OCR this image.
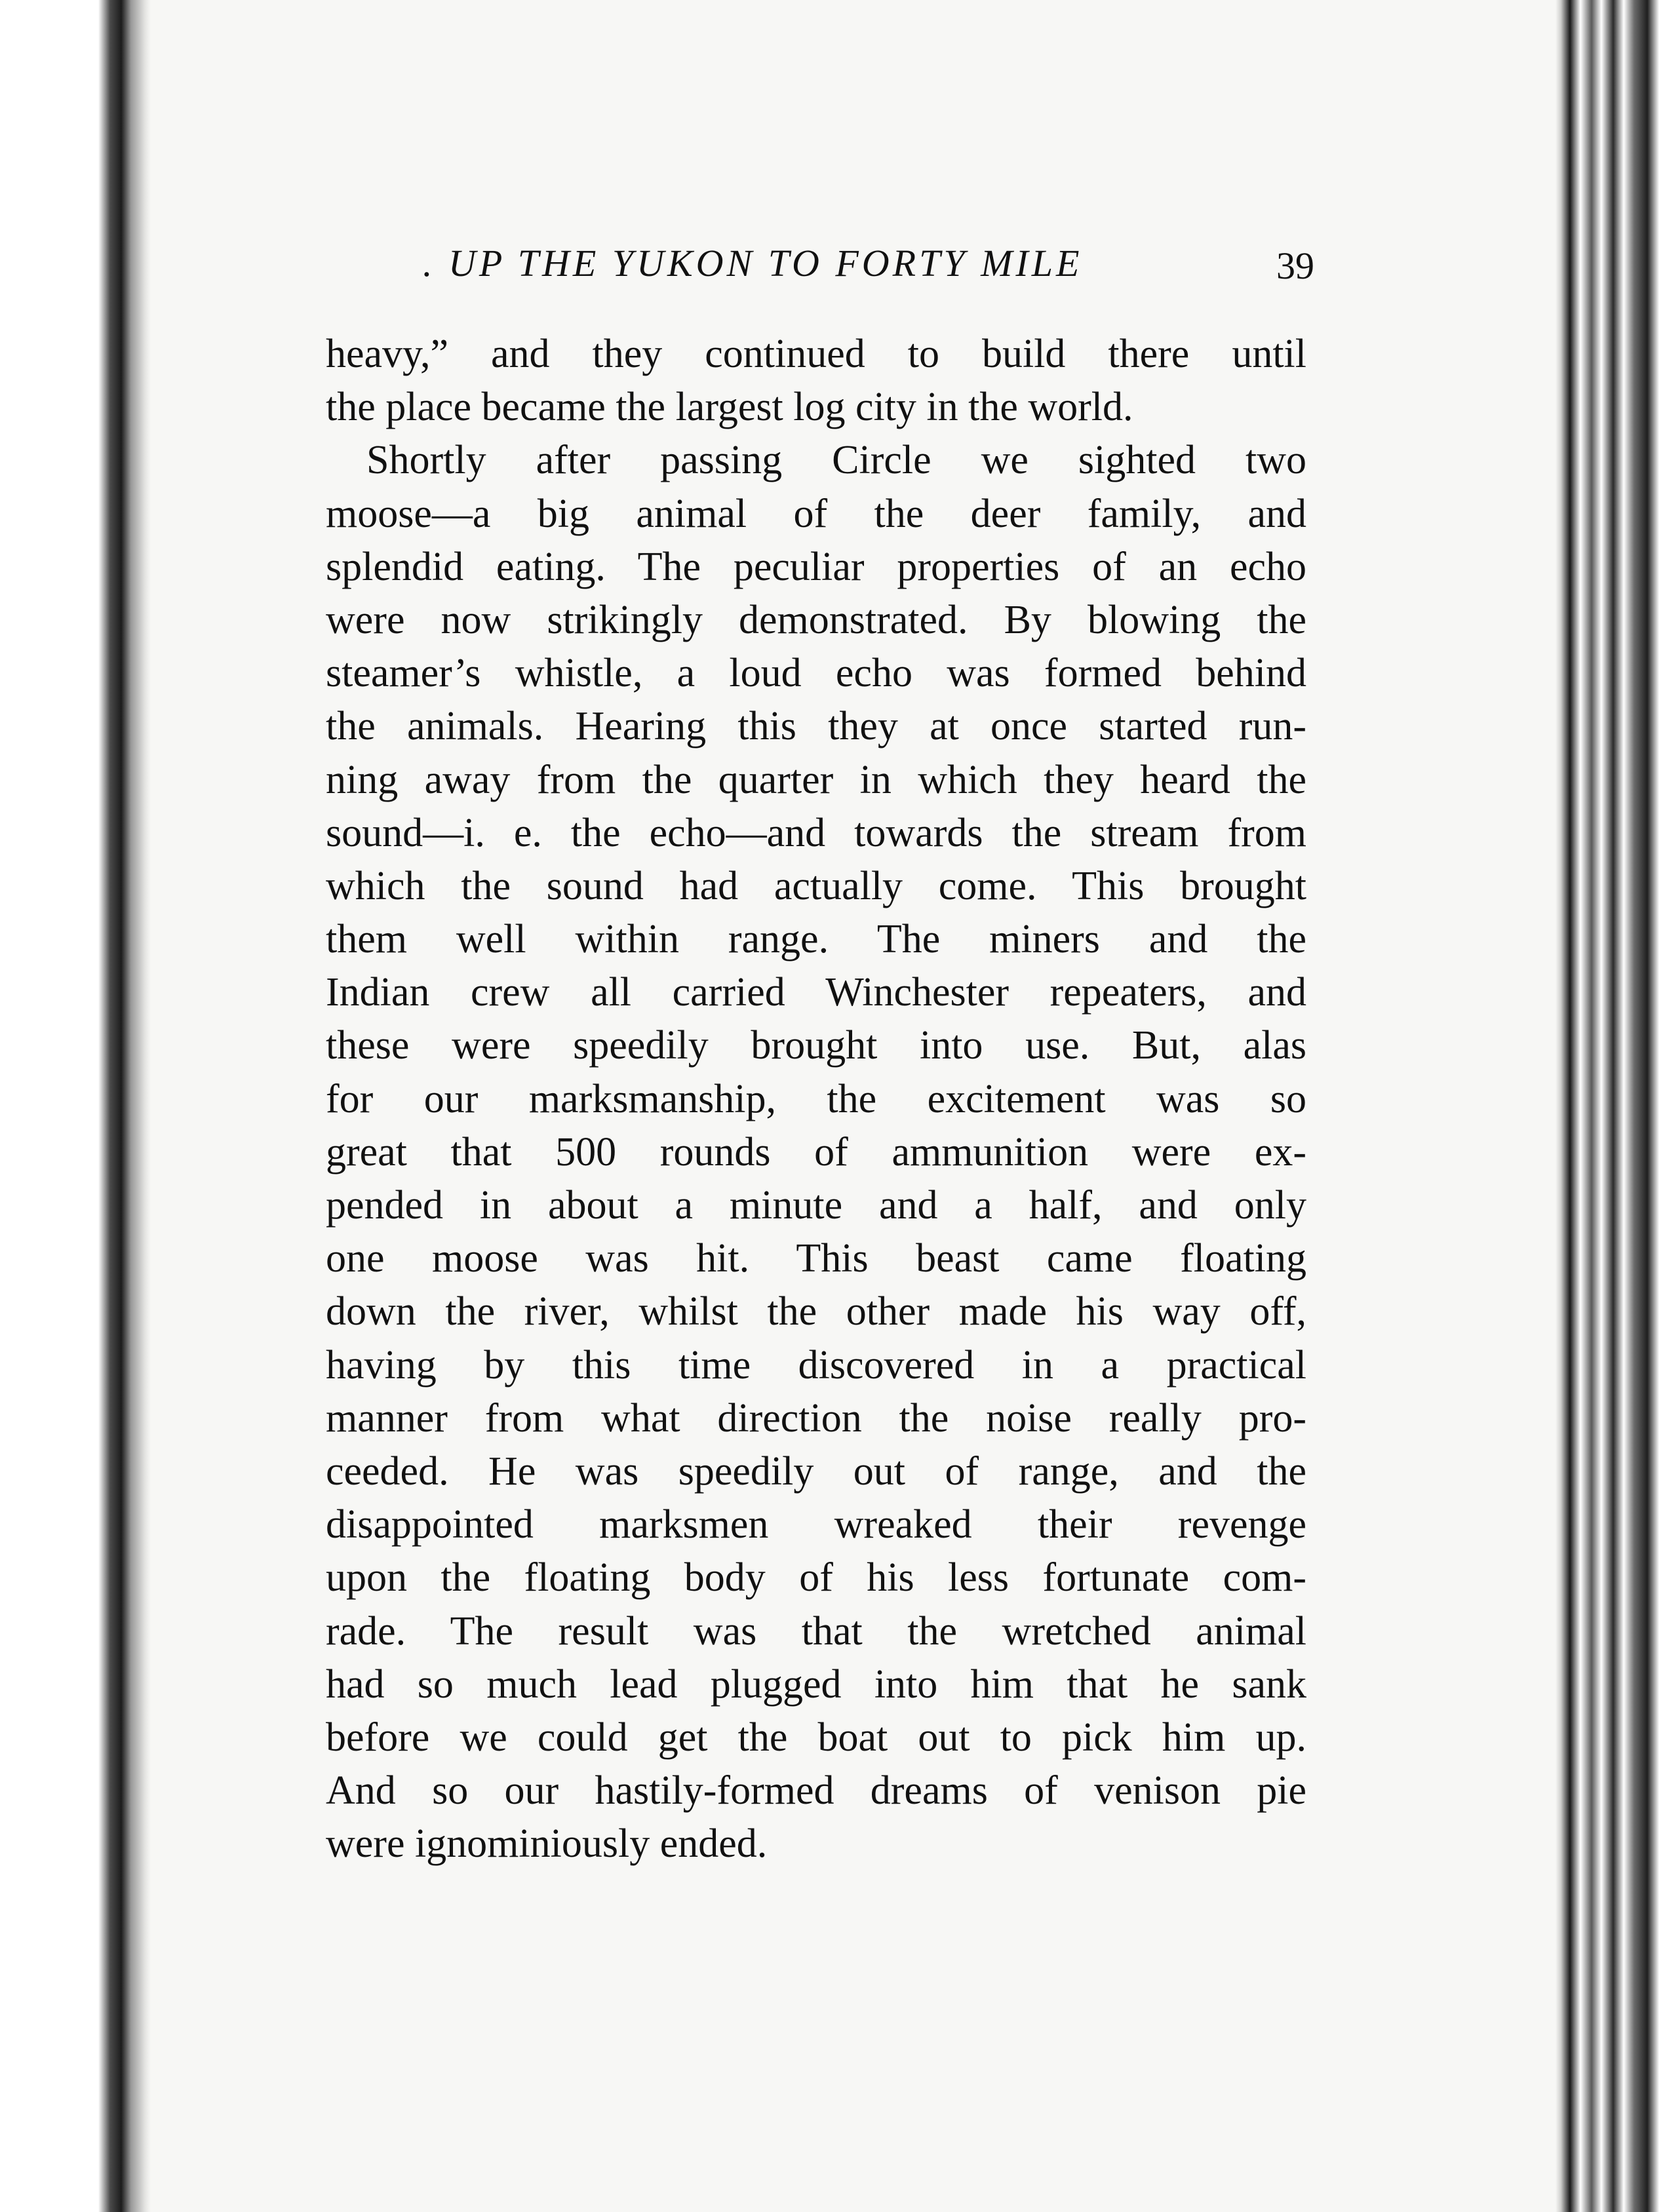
. UP THE YUKON TO FORTY MILE	39
heavy,” and they continued to build there until
the place became the largest log city in the world.
Shortly after passing Circle we sighted two
moose—a big animal of the deer family, and
splendid eating. The peculiar properties of an echo
were now strikingly demonstrated. By blowing the
steamer’s whistle, a loud echo was formed behind
the animals. Hearing this they at once started run-
ning away from the quarter in which they heard the
sound—i. e. the echo—and towards the stream from
which the sound had actually come. This brought
them well within range. The miners and the
Indian crew all carried Winchester repeaters, and
these were speedily brought into use. But, alas
for our marksmanship, the excitement was so
great that 500 rounds of ammunition were ex-
pended in about a minute and a half, and only
one moose was hit. This beast came floating
down the river, whilst the other made his way off,
having by this time discovered in a practical
manner from what direction the noise really pro-
ceeded. He was speedily out of range, and the
disappointed marksmen wreaked their revenge
upon the floating body of his less fortunate com-
rade. The result was that the wretched animal
had so much lead plugged into him that he sank
before we could get the boat out to pick him up.
And so our hastily-formed dreams of venison pie
were ignominiously ended.
